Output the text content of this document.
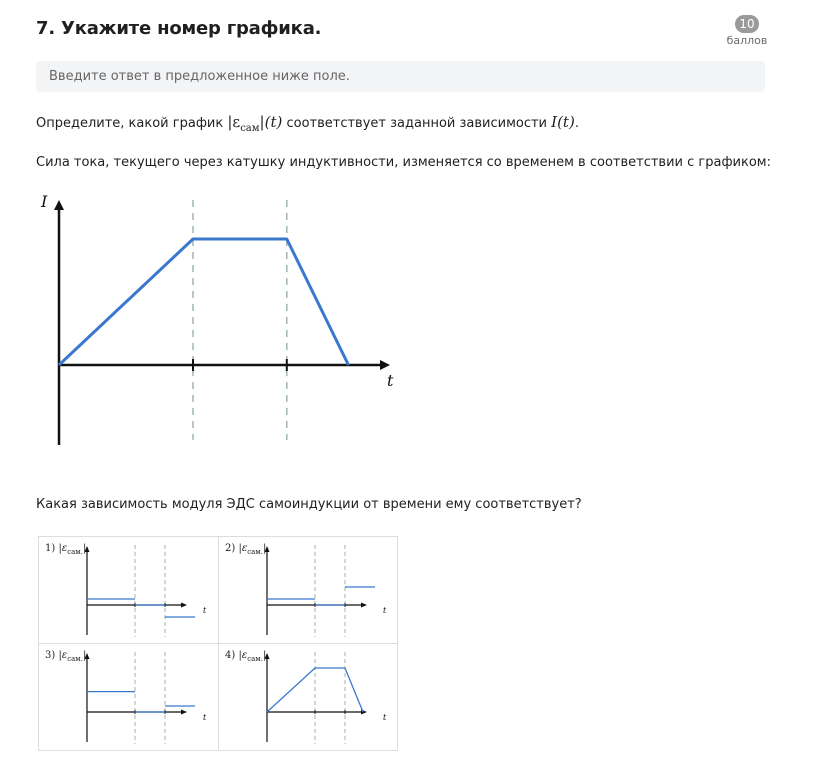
7. Укажите номер графика.	10
баллов
Введите ответ в предложенное ниже поле.
Определите, какой график $|\varepsilon_{сам}|(t)$ соответствует заданной зависимости I(t).
Сила тока, текущего через катушку индуктивности, изменяется со временем в соответствии с графиком:
I
t
Какая зависимость модуля ЭДС самоиндукции от времени ему соответствует?
1) $|\varepsilon_{сам.}|$
t
2) $|\varepsilon_{сам.}|$
t
3) $|\varepsilon_{сам.}|$
t
4) $|\varepsilon_{сам.}|$
t
